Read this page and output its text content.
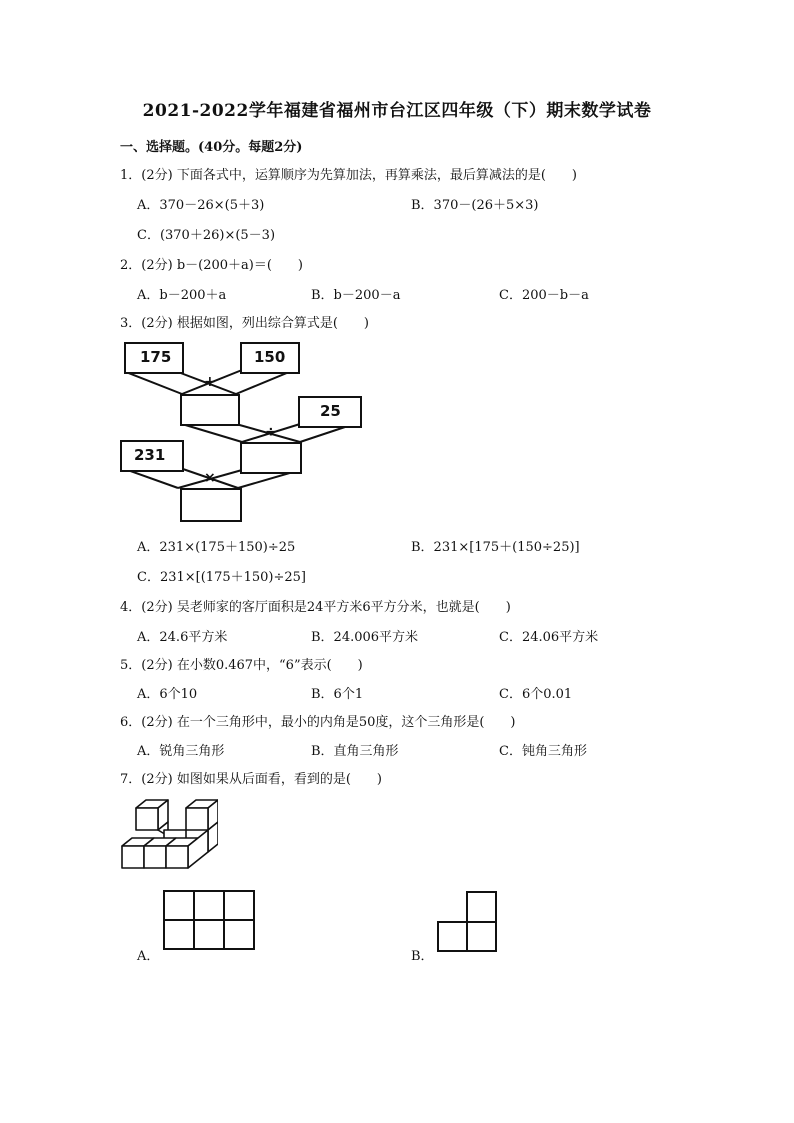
2021-2022学年福建省福州市台江区四年级（下）期末数学试卷
一、选择题。(40分。每题2分)
1．(2分) 下面各式中，运算顺序为先算加法，再算乘法，最后算减法的是(　　)
A．370－26×(5＋3)	B．370－(26＋5×3)
C．(370＋26)×(5－3)
2．(2分) b－(200＋a)＝(　　)
A．b－200＋a	B．b－200－a	C．200－b－a
3．(2分) 根据如图，列出综合算式是(　　)
175	150
+
25
÷
231
×
A．231×(175＋150)÷25	B．231×[175＋(150÷25)]
C．231×[(175＋150)÷25]
4．(2分) 吴老师家的客厅面积是24平方米6平方分米，也就是(　　)
A．24.6平方米	B．24.006平方米	C．24.06平方米
5．(2分) 在小数0.467中，“6”表示(　　)
A．6个10	B．6个1	C．6个0.01
6．(2分) 在一个三角形中，最小的内角是50度，这个三角形是(　　)
A．锐角三角形	B．直角三角形	C．钝角三角形
7．(2分) 如图如果从后面看，看到的是(　　)
A．	B．
